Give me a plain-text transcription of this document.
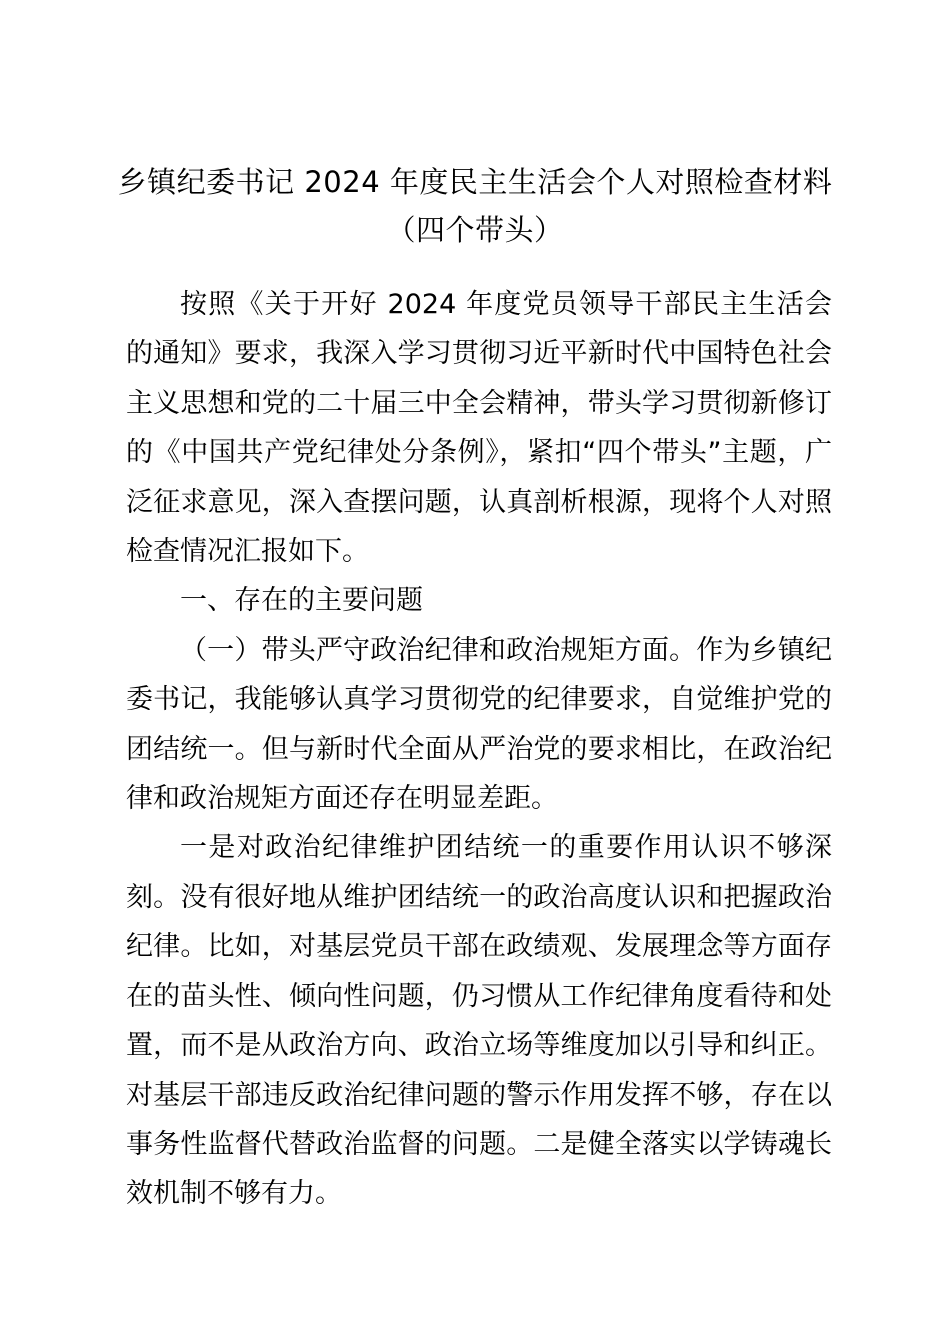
乡镇纪委书记 2024 年度民主生活会个人对照检查材料
（四个带头）

按照《关于开好 2024 年度党员领导干部民主生活会的通知》要求，我深入学习贯彻习近平新时代中国特色社会主义思想和党的二十届三中全会精神，带头学习贯彻新修订的《中国共产党纪律处分条例》，紧扣“四个带头”主题，广泛征求意见，深入查摆问题，认真剖析根源，现将个人对照检查情况汇报如下。

一、存在的主要问题

（一）带头严守政治纪律和政治规矩方面。作为乡镇纪委书记，我能够认真学习贯彻党的纪律要求，自觉维护党的团结统一。但与新时代全面从严治党的要求相比，在政治纪律和政治规矩方面还存在明显差距。

一是对政治纪律维护团结统一的重要作用认识不够深刻。没有很好地从维护团结统一的政治高度认识和把握政治纪律。比如，对基层党员干部在政绩观、发展理念等方面存在的苗头性、倾向性问题，仍习惯从工作纪律角度看待和处置，而不是从政治方向、政治立场等维度加以引导和纠正。对基层干部违反政治纪律问题的警示作用发挥不够，存在以事务性监督代替政治监督的问题。二是健全落实以学铸魂长效机制不够有力。
